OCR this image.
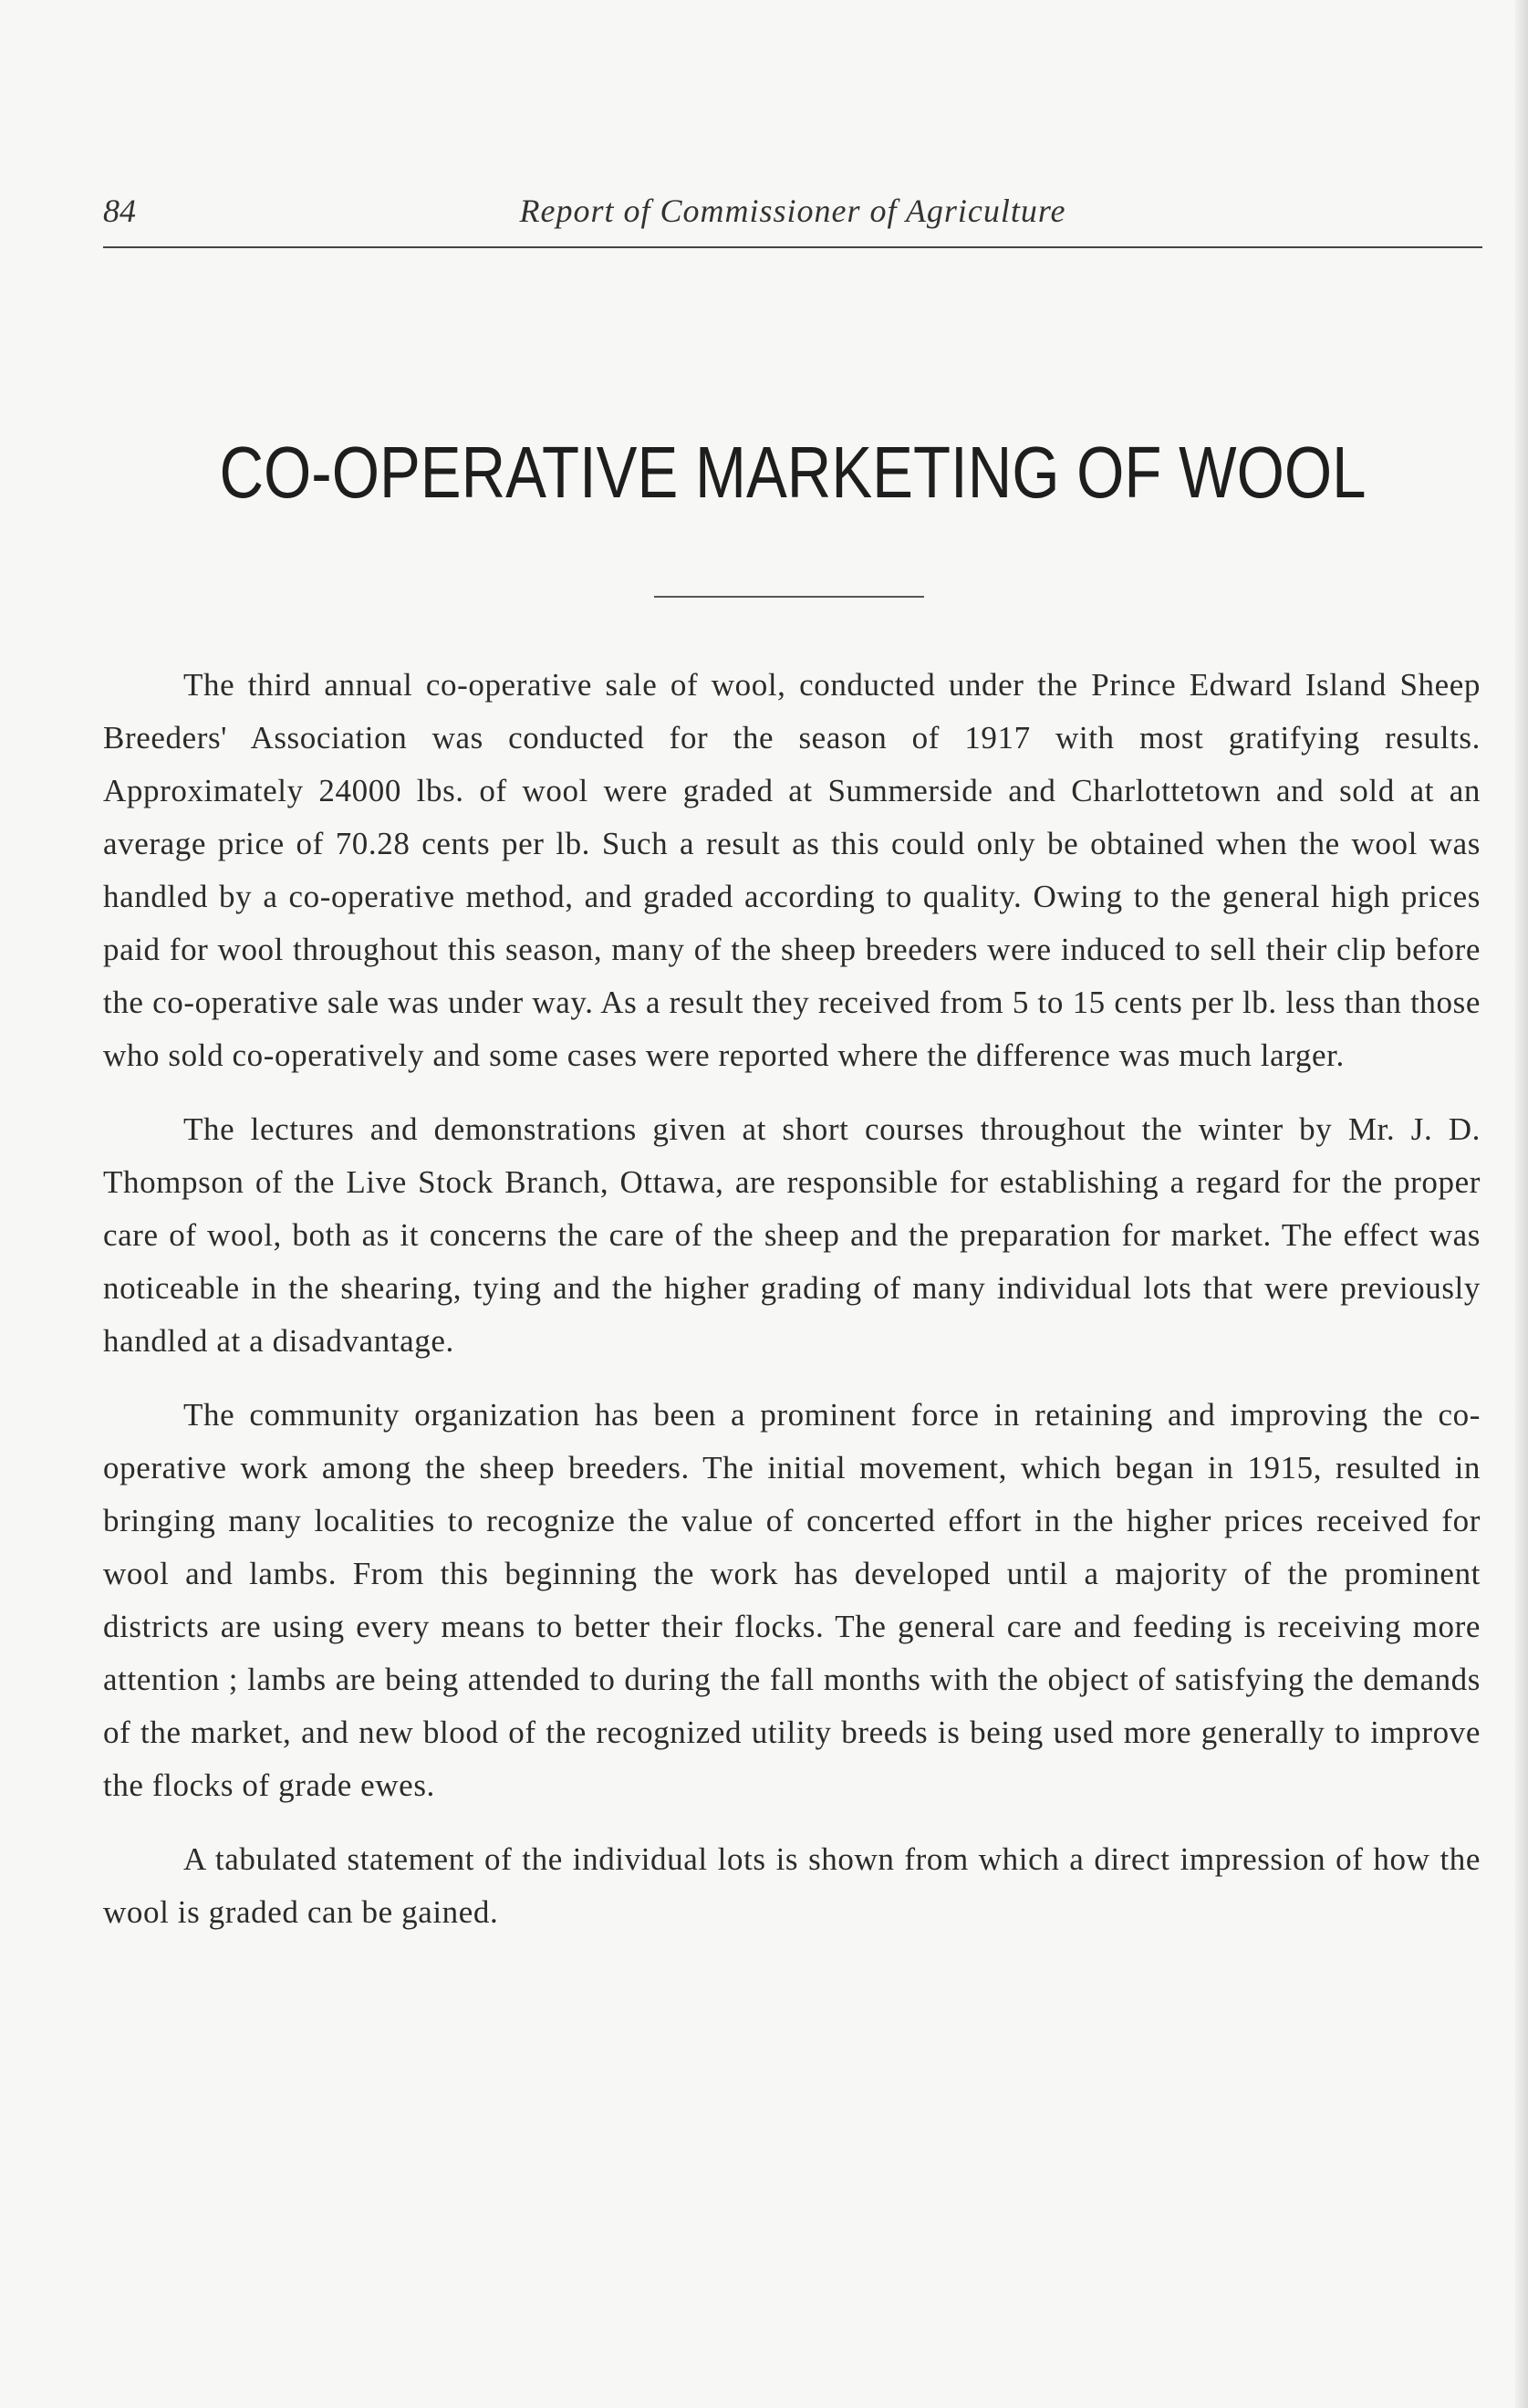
84	Report of Commissioner of Agriculture
CO-OPERATIVE MARKETING OF WOOL

The third annual co-operative sale of wool, conducted under the Prince Edward Island Sheep Breeders' Association was conducted for the season of 1917 with most gratifying results. Approximately 24000 lbs. of wool were graded at Summerside and Charlottetown and sold at an average price of 70.28 cents per lb. Such a result as this could only be obtained when the wool was handled by a co-operative method, and graded according to quality. Owing to the general high prices paid for wool throughout this season, many of the sheep breeders were induced to sell their clip before the co-operative sale was under way. As a result they received from 5 to 15 cents per lb. less than those who sold co-operatively and some cases were reported where the difference was much larger.

The lectures and demonstrations given at short courses throughout the winter by Mr. J. D. Thompson of the Live Stock Branch, Ottawa, are responsible for establishing a regard for the proper care of wool, both as it concerns the care of the sheep and the preparation for market. The effect was noticeable in the shearing, tying and the higher grading of many individual lots that were previously handled at a disadvantage.

The community organization has been a prominent force in retaining and improving the co-operative work among the sheep breeders. The initial movement, which began in 1915, resulted in bringing many localities to recognize the value of concerted effort in the higher prices received for wool and lambs. From this beginning the work has developed until a majority of the prominent districts are using every means to better their flocks. The general care and feeding is receiving more attention ; lambs are being attended to during the fall months with the object of satisfying the demands of the market, and new blood of the recognized utility breeds is being used more generally to improve the flocks of grade ewes.

A tabulated statement of the individual lots is shown from which a direct impression of how the wool is graded can be gained.
